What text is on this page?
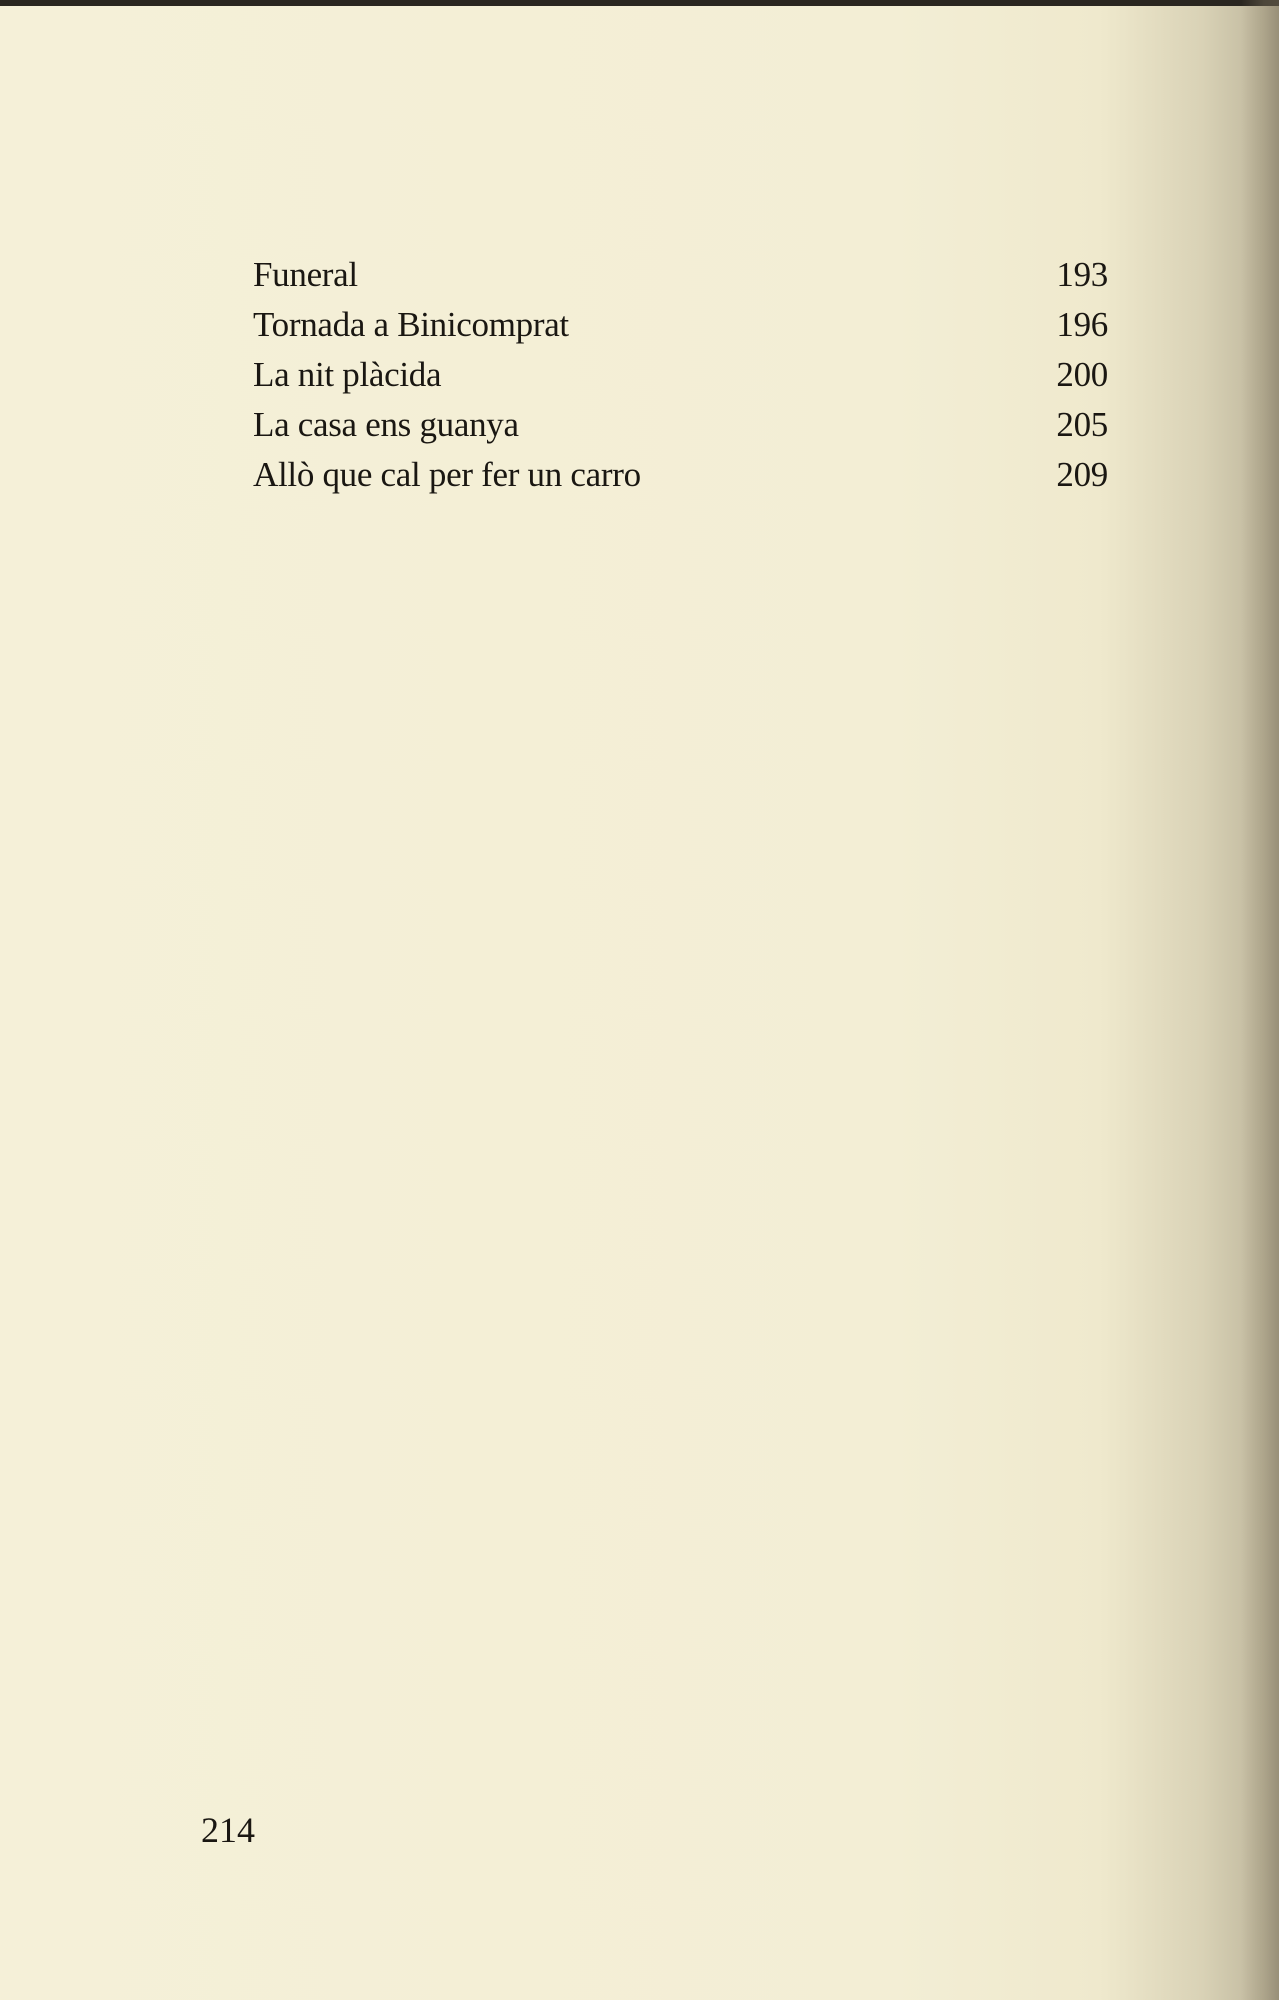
Funeral	193
Tornada a Binicomprat	196
La nit plàcida	200
La casa ens guanya	205
Allò que cal per fer un carro	209
214
